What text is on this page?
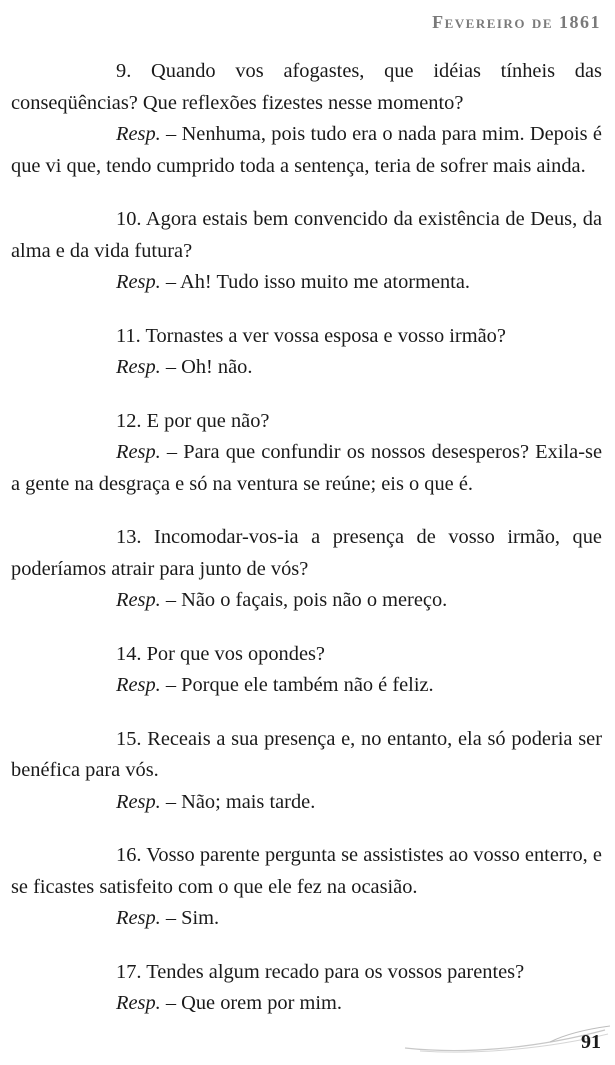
Fevereiro de 1861

9. Quando vos afogastes, que idéias tínheis das conseqüências? Que reflexões fizestes nesse momento?

Resp. – Nenhuma, pois tudo era o nada para mim. Depois é que vi que, tendo cumprido toda a sentença, teria de sofrer mais ainda.

10. Agora estais bem convencido da existência de Deus, da alma e da vida futura?

Resp. – Ah! Tudo isso muito me atormenta.

11. Tornastes a ver vossa esposa e vosso irmão?

Resp. – Oh! não.

12. E por que não?

Resp. – Para que confundir os nossos desesperos? Exila-se a gente na desgraça e só na ventura se reúne; eis o que é.

13. Incomodar-vos-ia a presença de vosso irmão, que poderíamos atrair para junto de vós?

Resp. – Não o façais, pois não o mereço.

14. Por que vos opondes?

Resp. – Porque ele também não é feliz.

15. Receais a sua presença e, no entanto, ela só poderia ser benéfica para vós.

Resp. – Não; mais tarde.

16. Vosso parente pergunta se assististes ao vosso enterro, e se ficastes satisfeito com o que ele fez na ocasião.

Resp. – Sim.

17. Tendes algum recado para os vossos parentes?

Resp. – Que orem por mim.

91
